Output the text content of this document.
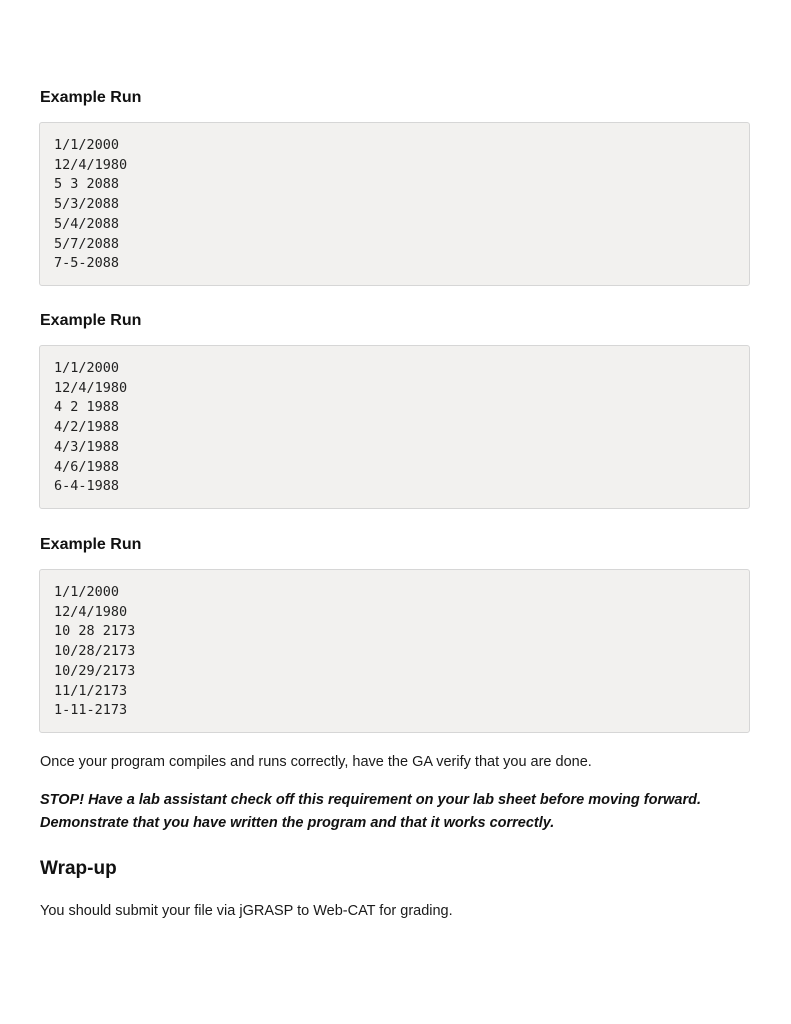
Example Run
1/1/2000
12/4/1980
5 3 2088
5/3/2088
5/4/2088
5/7/2088
7-5-2088
Example Run
1/1/2000
12/4/1980
4 2 1988
4/2/1988
4/3/1988
4/6/1988
6-4-1988
Example Run
1/1/2000
12/4/1980
10 28 2173
10/28/2173
10/29/2173
11/1/2173
1-11-2173

Once your program compiles and runs correctly, have the GA verify that you are done.

STOP! Have a lab assistant check off this requirement on your lab sheet before moving forward.
Demonstrate that you have written the program and that it works correctly.

Wrap-up

You should submit your file via jGRASP to Web-CAT for grading.
